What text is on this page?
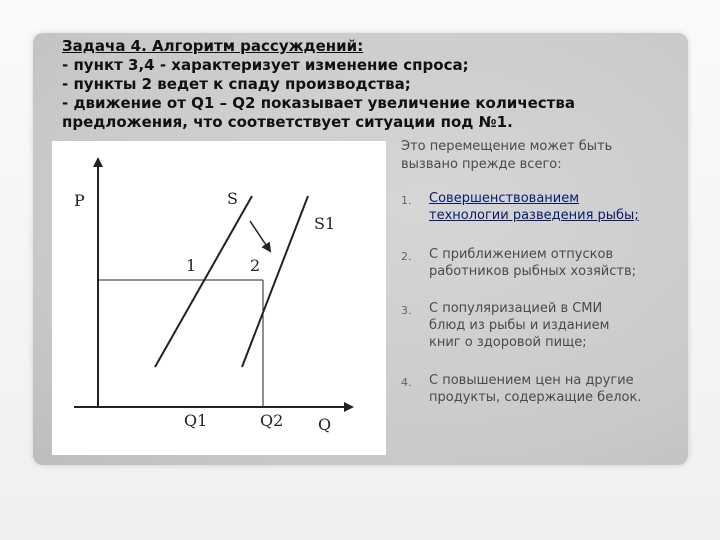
Задача 4. Алгоритм рассуждений:
- пункт 3,4 - характеризует изменение спроса;
- пункты 2 ведет к спаду производства;
- движение от Q1 – Q2 показывает увеличение количества
предложения, что соответствует ситуации под №1.
P	S
S1
1	2
Q1	Q2 Q
Это перемещение может быть
вызвано прежде всего:
1.	Совершенствованием
технологии разведения рыбы;
2.	С приближением отпусков
работников рыбных хозяйств;
3.	С популяризацией в СМИ
блюд из рыбы и изданием
книг о здоровой пище;
4.	С повышением цен на другие
продукты, содержащие белок.
